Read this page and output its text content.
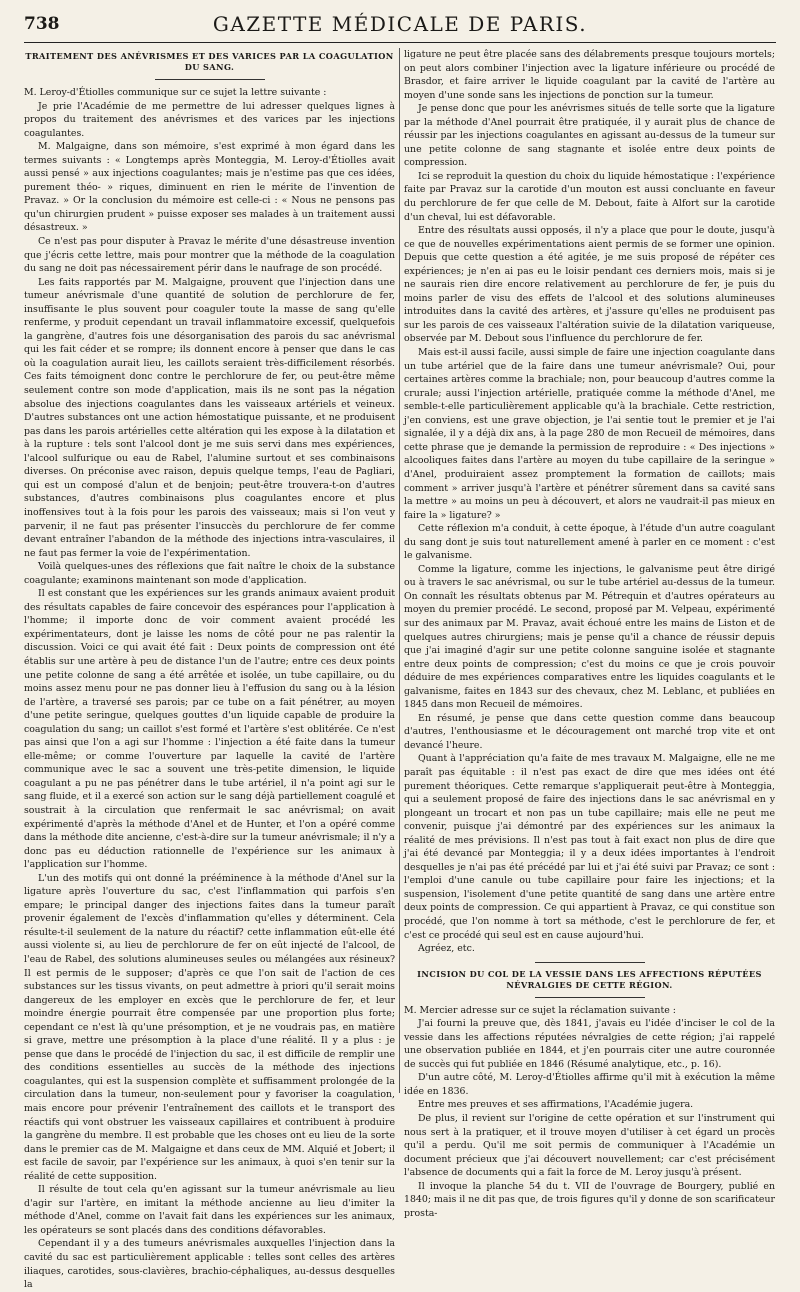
738	GAZETTE MÉDICALE DE PARIS.
TRAITEMENT DES ANÉVRISMES ET DES VARICES PAR LA COAGULATION DU SANG.

M. Leroy-d'Étiolles communique sur ce sujet la lettre suivante :

Je prie l'Académie de me permettre de lui adresser quelques lignes à propos du traitement des anévrismes et des varices par les injections coagulantes.

M. Malgaigne, dans son mémoire, s'est exprimé à mon égard dans les termes suivants : « Longtemps après Monteggia, M. Leroy-d'Étiolles avait aussi pensé » aux injections coagulantes; mais je n'estime pas que ces idées, purement théo- » riques, diminuent en rien le mérite de l'invention de Pravaz. » Or la conclusion du mémoire est celle-ci : « Nous ne pensons pas qu'un chirurgien prudent » puisse exposer ses malades à un traitement aussi désastreux. »

Ce n'est pas pour disputer à Pravaz le mérite d'une désastreuse invention que j'écris cette lettre, mais pour montrer que la méthode de la coagulation du sang ne doit pas nécessairement périr dans le naufrage de son procédé.

Les faits rapportés par M. Malgaigne, prouvent que l'injection dans une tumeur anévrismale d'une quantité de solution de perchlorure de fer, insuffisante le plus souvent pour coaguler toute la masse de sang qu'elle renferme, y produit cependant un travail inflammatoire excessif, quelquefois la gangrène, d'autres fois une désorganisation des parois du sac anévrismal qui les fait céder et se rompre; ils donnent encore à penser que dans le cas où la coagulation aurait lieu, les caillots seraient très-difficilement résorbés. Ces faits témoignent donc contre le perchlorure de fer, ou peut-être même seulement contre son mode d'application, mais ils ne sont pas la négation absolue des injections coagulantes dans les vaisseaux artériels et veineux. D'autres substances ont une action hémostatique puissante, et ne produisent pas dans les parois artérielles cette altération qui les expose à la dilatation et à la rupture : tels sont l'alcool dont je me suis servi dans mes expériences, l'alcool sulfurique ou eau de Rabel, l'alumine surtout et ses combinaisons diverses. On préconise avec raison, depuis quelque temps, l'eau de Pagliari, qui est un composé d'alun et de benjoin; peut-être trouvera-t-on d'autres substances, d'autres combinaisons plus coagulantes encore et plus inoffensives tout à la fois pour les parois des vaisseaux; mais si l'on veut y parvenir, il ne faut pas présenter l'insuccès du perchlorure de fer comme devant entraîner l'abandon de la méthode des injections intra-vasculaires, il ne faut pas fermer la voie de l'expérimentation.

Voilà quelques-unes des réflexions que fait naître le choix de la substance coagulante; examinons maintenant son mode d'application.

Il est constant que les expériences sur les grands animaux avaient produit des résultats capables de faire concevoir des espérances pour l'application à l'homme; il importe donc de voir comment avaient procédé les expérimentateurs, dont je laisse les noms de côté pour ne pas ralentir la discussion. Voici ce qui avait été fait : Deux points de compression ont été établis sur une artère à peu de distance l'un de l'autre; entre ces deux points une petite colonne de sang a été arrêtée et isolée, un tube capillaire, ou du moins assez menu pour ne pas donner lieu à l'effusion du sang ou à la lésion de l'artère, a traversé ses parois; par ce tube on a fait pénétrer, au moyen d'une petite seringue, quelques gouttes d'un liquide capable de produire la coagulation du sang; un caillot s'est formé et l'artère s'est oblitérée. Ce n'est pas ainsi que l'on a agi sur l'homme : l'injection a été faite dans la tumeur elle-même; or comme l'ouverture par laquelle la cavité de l'artère communique avec le sac a souvent une très-petite dimension, le liquide coagulant a pu ne pas pénétrer dans le tube artériel, il n'a point agi sur le sang fluide, et il a exercé son action sur le sang déjà partiellement coagulé et soustrait à la circulation que renfermait le sac anévrismal; on avait expérimenté d'après la méthode d'Anel et de Hunter, et l'on a opéré comme dans la méthode dite ancienne, c'est-à-dire sur la tumeur anévrismale; il n'y a donc pas eu déduction rationnelle de l'expérience sur les animaux à l'application sur l'homme.

L'un des motifs qui ont donné la prééminence à la méthode d'Anel sur la ligature après l'ouverture du sac, c'est l'inflammation qui parfois s'en empare; le principal danger des injections faites dans la tumeur paraît provenir également de l'excès d'inflammation qu'elles y déterminent. Cela résulte-t-il seulement de la nature du réactif? cette inflammation eût-elle été aussi violente si, au lieu de perchlorure de fer on eût injecté de l'alcool, de l'eau de Rabel, des solutions alumineuses seules ou mélangées aux résineux? Il est permis de le supposer; d'après ce que l'on sait de l'action de ces substances sur les tissus vivants, on peut admettre à priori qu'il serait moins dangereux de les employer en excès que le perchlorure de fer, et leur moindre énergie pourrait être compensée par une proportion plus forte; cependant ce n'est là qu'une présomption, et je ne voudrais pas, en matière si grave, mettre une présomption à la place d'une réalité. Il y a plus : je pense que dans le procédé de l'injection du sac, il est difficile de remplir une des conditions essentielles au succès de la méthode des injections coagulantes, qui est la suspension complète et suffisamment prolongée de la circulation dans la tumeur, non-seulement pour y favoriser la coagulation, mais encore pour prévenir l'entraînement des caillots et le transport des réactifs qui vont obstruer les vaisseaux capillaires et contribuent à produire la gangrène du membre. Il est probable que les choses ont eu lieu de la sorte dans le premier cas de M. Malgaigne et dans ceux de MM. Alquié et Jobert; il est facile de savoir, par l'expérience sur les animaux, à quoi s'en tenir sur la réalité de cette supposition.

Il résulte de tout cela qu'en agissant sur la tumeur anévrismale au lieu d'agir sur l'artère, en imitant la méthode ancienne au lieu d'imiter la méthode d'Anel, comme on l'avait fait dans les expériences sur les animaux, les opérateurs se sont placés dans des conditions défavorables.

Cependant il y a des tumeurs anévrismales auxquelles l'injection dans la cavité du sac est particulièrement applicable : telles sont celles des artères iliaques, carotides, sous-clavières, brachio-céphaliques, au-dessus desquelles la

ligature ne peut être placée sans des délabrements presque toujours mortels; on peut alors combiner l'injection avec la ligature inférieure ou procédé de Brasdor, et faire arriver le liquide coagulant par la cavité de l'artère au moyen d'une sonde sans les injections de ponction sur la tumeur.

Je pense donc que pour les anévrismes situés de telle sorte que la ligature par la méthode d'Anel pourrait être pratiquée, il y aurait plus de chance de réussir par les injections coagulantes en agissant au-dessus de la tumeur sur une petite colonne de sang stagnante et isolée entre deux points de compression.

Ici se reproduit la question du choix du liquide hémostatique : l'expérience faite par Pravaz sur la carotide d'un mouton est aussi concluante en faveur du perchlorure de fer que celle de M. Debout, faite à Alfort sur la carotide d'un cheval, lui est défavorable.

Entre des résultats aussi opposés, il n'y a place que pour le doute, jusqu'à ce que de nouvelles expérimentations aient permis de se former une opinion. Depuis que cette question a été agitée, je me suis proposé de répéter ces expériences; je n'en ai pas eu le loisir pendant ces derniers mois, mais si je ne saurais rien dire encore relativement au perchlorure de fer, je puis du moins parler de visu des effets de l'alcool et des solutions alumineuses introduites dans la cavité des artères, et j'assure qu'elles ne produisent pas sur les parois de ces vaisseaux l'altération suivie de la dilatation variqueuse, observée par M. Debout sous l'influence du perchlorure de fer.

Mais est-il aussi facile, aussi simple de faire une injection coagulante dans un tube artériel que de la faire dans une tumeur anévrismale? Oui, pour certaines artères comme la brachiale; non, pour beaucoup d'autres comme la crurale; aussi l'injection artérielle, pratiquée comme la méthode d'Anel, me semble-t-elle particulièrement applicable qu'à la brachiale. Cette restriction, j'en conviens, est une grave objection, je l'ai sentie tout le premier et je l'ai signalée, il y a déjà dix ans, à la page 280 de mon Recueil de mémoires, dans cette phrase que je demande la permission de reproduire : « Des injections » alcooliques faites dans l'artère au moyen du tube capillaire de la seringue » d'Anel, produiraient assez promptement la formation de caillots; mais comment » arriver jusqu'à l'artère et pénétrer sûrement dans sa cavité sans la mettre » au moins un peu à découvert, et alors ne vaudrait-il pas mieux en faire la » ligature? »

Cette réflexion m'a conduit, à cette époque, à l'étude d'un autre coagulant du sang dont je suis tout naturellement amené à parler en ce moment : c'est le galvanisme.

Comme la ligature, comme les injections, le galvanisme peut être dirigé ou à travers le sac anévrismal, ou sur le tube artériel au-dessus de la tumeur. On connaît les résultats obtenus par M. Pétrequin et d'autres opérateurs au moyen du premier procédé. Le second, proposé par M. Velpeau, expérimenté sur des animaux par M. Pravaz, avait échoué entre les mains de Liston et de quelques autres chirurgiens; mais je pense qu'il a chance de réussir depuis que j'ai imaginé d'agir sur une petite colonne sanguine isolée et stagnante entre deux points de compression; c'est du moins ce que je crois pouvoir déduire de mes expériences comparatives entre les liquides coagulants et le galvanisme, faites en 1843 sur des chevaux, chez M. Leblanc, et publiées en 1845 dans mon Recueil de mémoires.

En résumé, je pense que dans cette question comme dans beaucoup d'autres, l'enthousiasme et le découragement ont marché trop vite et ont devancé l'heure.

Quant à l'appréciation qu'a faite de mes travaux M. Malgaigne, elle ne me paraît pas équitable : il n'est pas exact de dire que mes idées ont été purement théoriques. Cette remarque s'appliquerait peut-être à Monteggia, qui a seulement proposé de faire des injections dans le sac anévrismal en y plongeant un trocart et non pas un tube capillaire; mais elle ne peut me convenir, puisque j'ai démontré par des expériences sur les animaux la réalité de mes prévisions. Il n'est pas tout à fait exact non plus de dire que j'ai été devancé par Monteggia; il y a deux idées importantes à l'endroit desquelles je n'ai pas été précédé par lui et j'ai été suivi par Pravaz; ce sont : l'emploi d'une canule ou tube capillaire pour faire les injections; et la suspension, l'isolement d'une petite quantité de sang dans une artère entre deux points de compression. Ce qui appartient à Pravaz, ce qui constitue son procédé, que l'on nomme à tort sa méthode, c'est le perchlorure de fer, et c'est ce procédé qui seul est en cause aujourd'hui.

Agréez, etc.

INCISION DU COL DE LA VESSIE DANS LES AFFECTIONS RÉPUTÉES NÉVRALGIES DE CETTE RÉGION.

M. Mercier adresse sur ce sujet la réclamation suivante :

J'ai fourni la preuve que, dès 1841, j'avais eu l'idée d'inciser le col de la vessie dans les affections réputées névralgies de cette région; j'ai rappelé une observation publiée en 1844, et j'en pourrais citer une autre couronnée de succès qui fut publiée en 1846 (Résumé analytique, etc., p. 16).

D'un autre côté, M. Leroy-d'Étiolles affirme qu'il mit à exécution la même idée en 1836.

Entre mes preuves et ses affirmations, l'Académie jugera.

De plus, il revient sur l'origine de cette opération et sur l'instrument qui nous sert à la pratiquer, et il trouve moyen d'utiliser à cet égard un procès qu'il a perdu. Qu'il me soit permis de communiquer à l'Académie un document précieux que j'ai découvert nouvellement; car c'est précisément l'absence de documents qui a fait la force de M. Leroy jusqu'à présent.

Il invoque la planche 54 du t. VII de l'ouvrage de Bourgery, publié en 1840; mais il ne dit pas que, de trois figures qu'il y donne de son scarificateur prosta-
